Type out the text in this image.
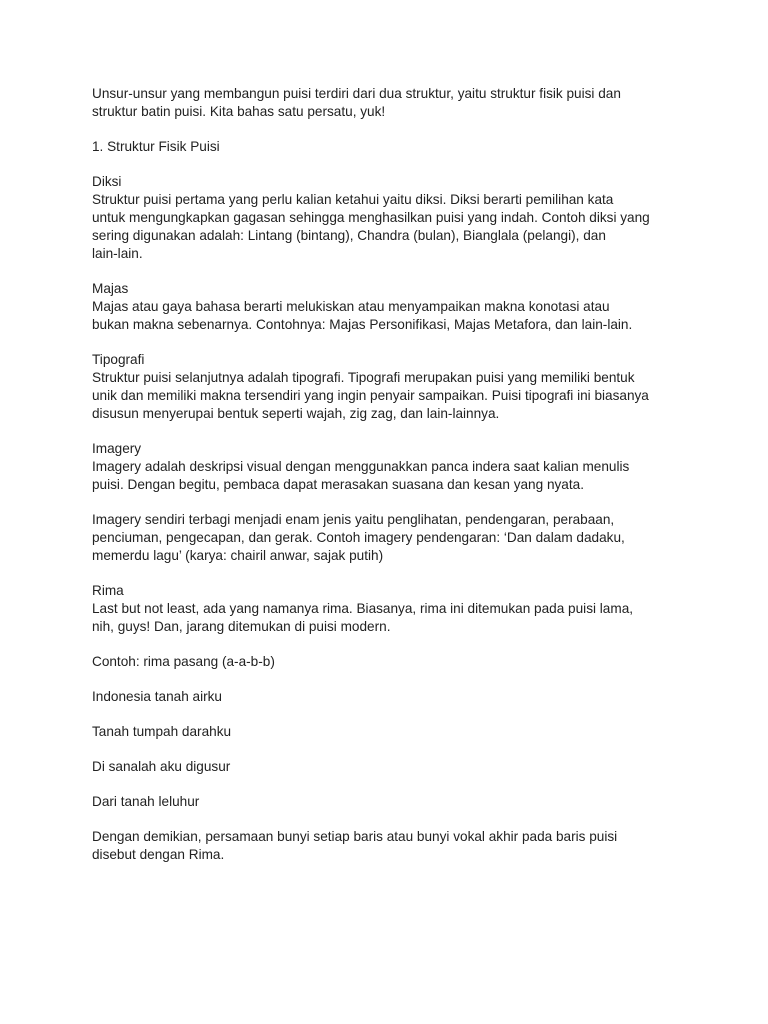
Unsur-unsur yang membangun puisi terdiri dari dua struktur, yaitu struktur fisik puisi dan
struktur batin puisi. Kita bahas satu persatu, yuk!

1. Struktur Fisik Puisi

Diksi
Struktur puisi pertama yang perlu kalian ketahui yaitu diksi. Diksi berarti pemilihan kata
untuk mengungkapkan gagasan sehingga menghasilkan puisi yang indah. Contoh diksi yang
sering digunakan adalah: Lintang (bintang), Chandra (bulan), Bianglala (pelangi), dan
lain-lain.

Majas
Majas atau gaya bahasa berarti melukiskan atau menyampaikan makna konotasi atau
bukan makna sebenarnya. Contohnya: Majas Personifikasi, Majas Metafora, dan lain-lain.

Tipografi
Struktur puisi selanjutnya adalah tipografi. Tipografi merupakan puisi yang memiliki bentuk
unik dan memiliki makna tersendiri yang ingin penyair sampaikan. Puisi tipografi ini biasanya
disusun menyerupai bentuk seperti wajah, zig zag, dan lain-lainnya.

Imagery
Imagery adalah deskripsi visual dengan menggunakkan panca indera saat kalian menulis
puisi. Dengan begitu, pembaca dapat merasakan suasana dan kesan yang nyata.

Imagery sendiri terbagi menjadi enam jenis yaitu penglihatan, pendengaran, perabaan,
penciuman, pengecapan, dan gerak. Contoh imagery pendengaran: ‘Dan dalam dadaku,
memerdu lagu’ (karya: chairil anwar, sajak putih)

Rima
Last but not least, ada yang namanya rima. Biasanya, rima ini ditemukan pada puisi lama,
nih, guys! Dan, jarang ditemukan di puisi modern.

Contoh: rima pasang (a-a-b-b)

Indonesia tanah airku

Tanah tumpah darahku

Di sanalah aku digusur

Dari tanah leluhur

Dengan demikian, persamaan bunyi setiap baris atau bunyi vokal akhir pada baris puisi
disebut dengan Rima.
